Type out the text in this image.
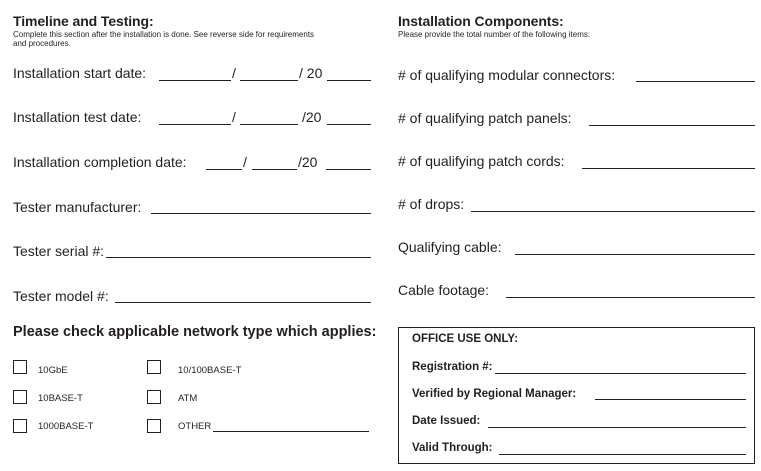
Timeline and Testing:
Complete this section after the installation is done. See reverse side for requirements
and procedures.
Installation start date:	/	/ 20
Installation test date:	/	/20
Installation completion date:	/	/20
Tester manufacturer:
Tester serial #:
Tester model #:
Please check applicable network type which applies:
10GbE
10BASE-T
1000BASE-T
10/100BASE-T
ATM
OTHER
Installation Components:
Please provide the total number of the following items:
# of qualifying modular connectors:
# of qualifying patch panels:
# of qualifying patch cords:
# of drops:
Qualifying cable:
Cable footage:
OFFICE USE ONLY:
Registration #:
Verified by Regional Manager:
Date Issued:
Valid Through:
